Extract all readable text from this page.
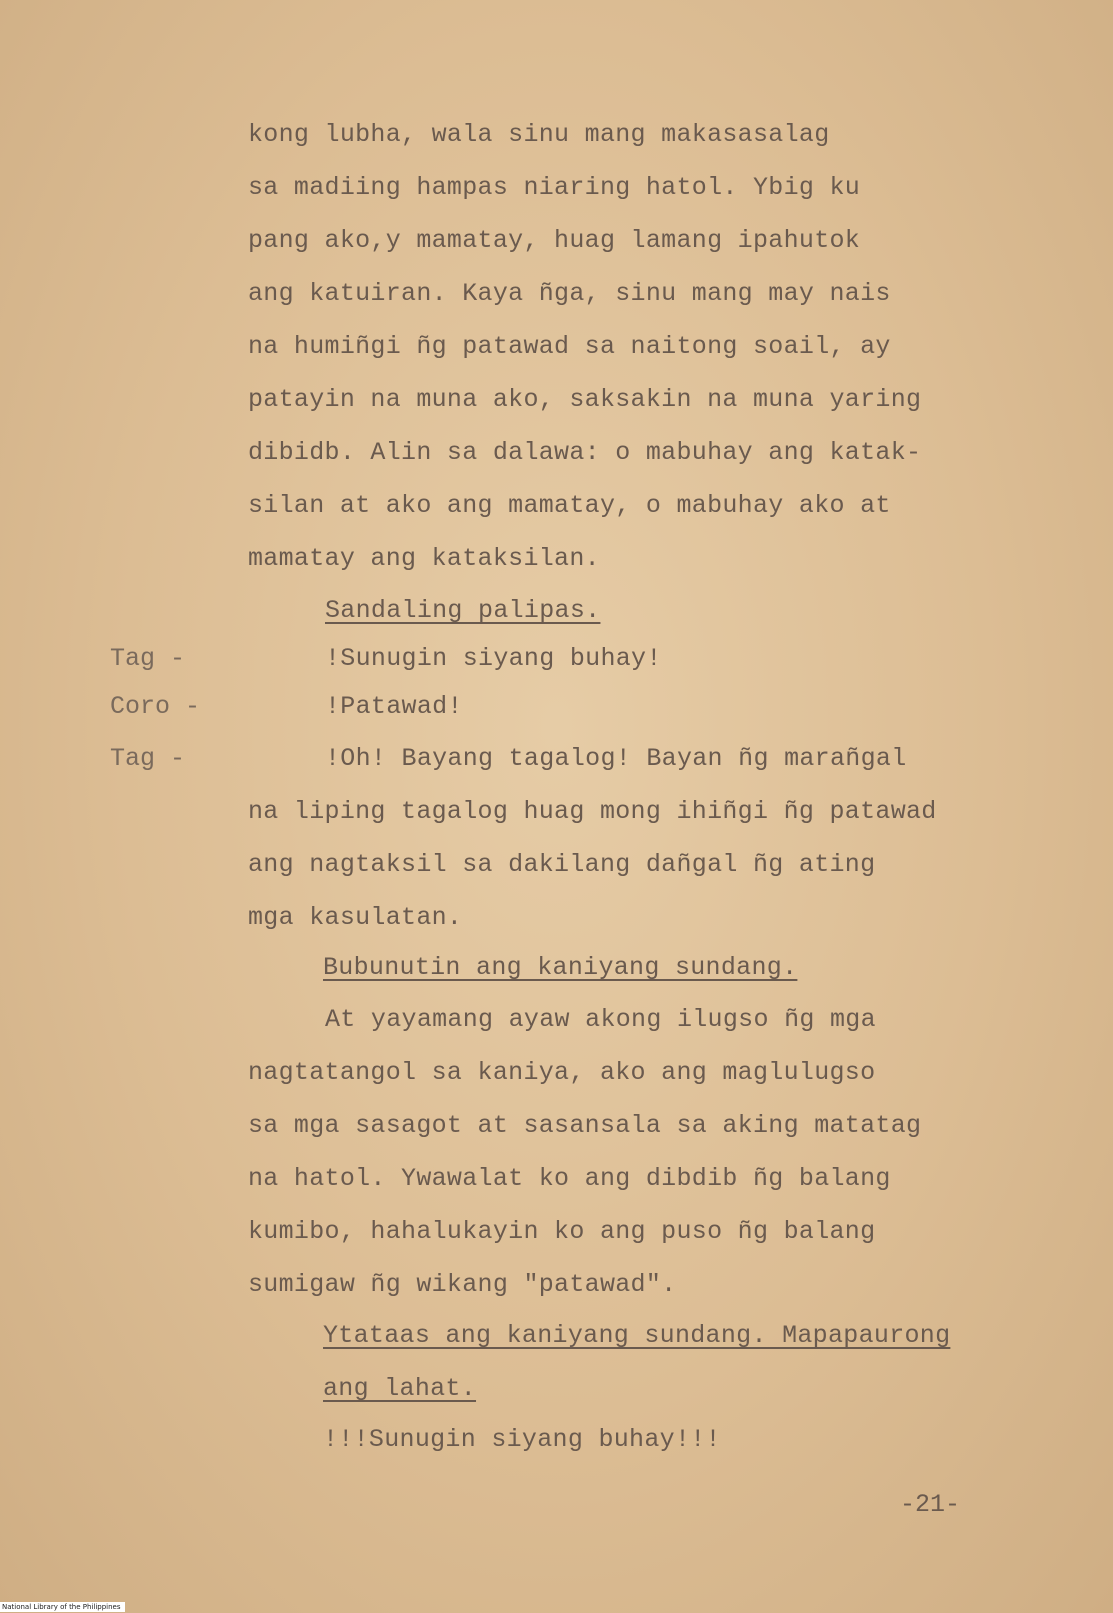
kong lubha, wala sinu mang makasasalag
sa madiing hampas niaring hatol. Ybig ku
pang ako,y mamatay, huag lamang ipahutok
ang katuiran. Kaya ñga, sinu mang may nais
na humiñgi ñg patawad sa naitong soail, ay
patayin na muna ako, saksakin na muna yaring
dibidb. Alin sa dalawa: o mabuhay ang katak-
silan at ako ang mamatay, o mabuhay ako at
mamatay ang kataksilan.
Sandaling palipas.
Tag -	!Sunugin siyang buhay!
Coro -	!Patawad!
Tag -	!Oh! Bayang tagalog! Bayan ñg marañgal
na liping tagalog huag mong ihiñgi ñg patawad
ang nagtaksil sa dakilang dañgal ñg ating
mga kasulatan.
Bubunutin ang kaniyang sundang.
At yayamang ayaw akong ilugso ñg mga
nagtatangol sa kaniya, ako ang maglulugso
sa mga sasagot at sasansala sa aking matatag
na hatol. Ywawalat ko ang dibdib ñg balang
kumibo, hahalukayin ko ang puso ñg balang
sumigaw ñg wikang "patawad".
Ytataas ang kaniyang sundang. Mapapaurong
ang lahat.
!!!Sunugin siyang buhay!!!
-21-
National Library of the Philippines
